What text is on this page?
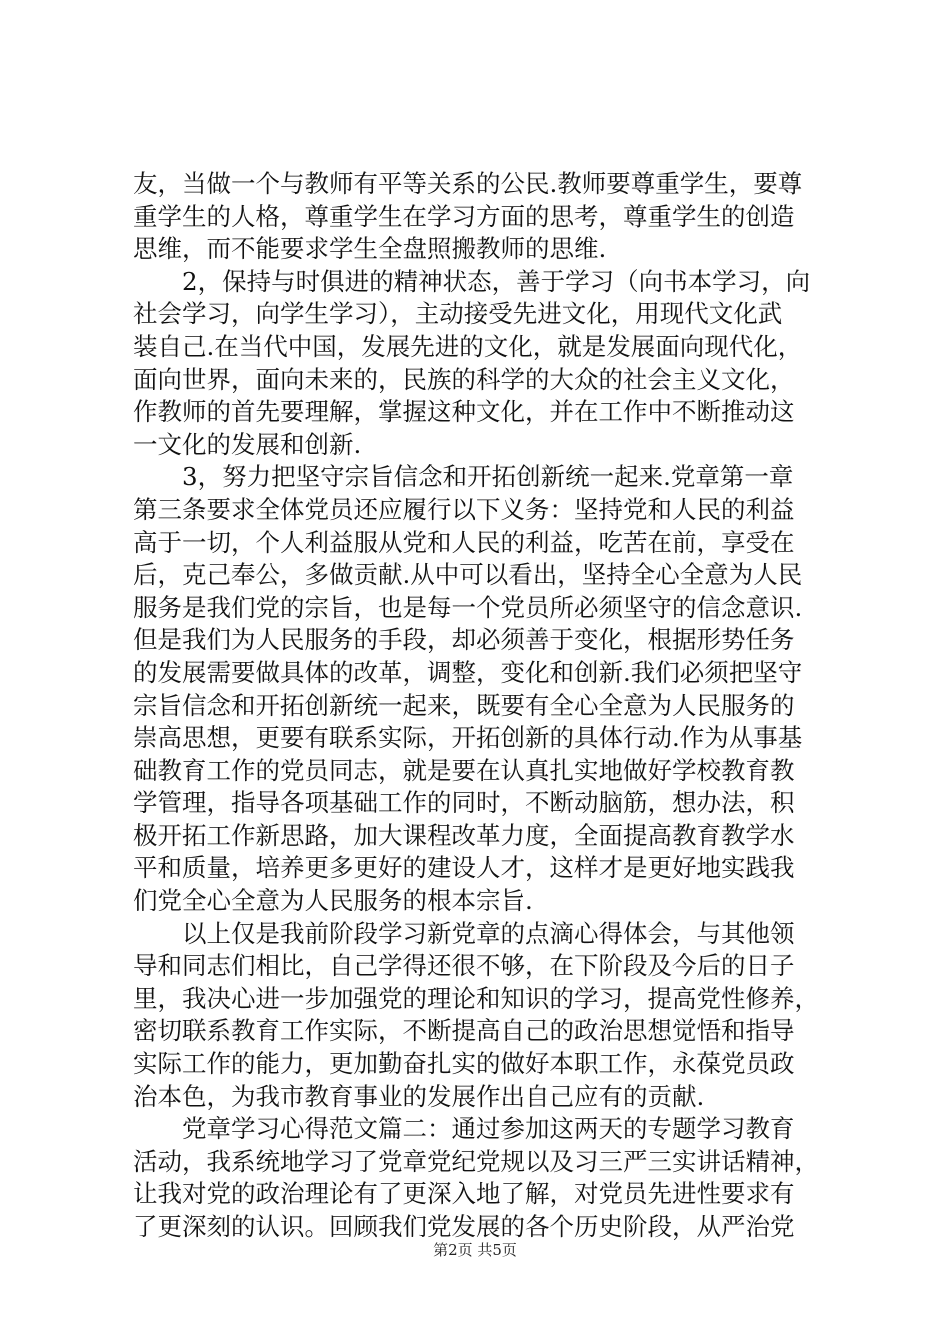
友，当做一个与教师有平等关系的公民.教师要尊重学生，要尊
重学生的人格，尊重学生在学习方面的思考，尊重学生的创造
思维，而不能要求学生全盘照搬教师的思维.
　　2，保持与时俱进的精神状态，善于学习（向书本学习，向
社会学习，向学生学习），主动接受先进文化，用现代文化武
装自己.在当代中国，发展先进的文化，就是发展面向现代化，
面向世界，面向未来的，民族的科学的大众的社会主义文化，
作教师的首先要理解，掌握这种文化，并在工作中不断推动这
一文化的发展和创新.
　　3，努力把坚守宗旨信念和开拓创新统一起来.党章第一章
第三条要求全体党员还应履行以下义务：坚持党和人民的利益
高于一切，个人利益服从党和人民的利益，吃苦在前，享受在
后，克己奉公，多做贡献.从中可以看出，坚持全心全意为人民
服务是我们党的宗旨，也是每一个党员所必须坚守的信念意识.
但是我们为人民服务的手段，却必须善于变化，根据形势任务
的发展需要做具体的改革，调整，变化和创新.我们必须把坚守
宗旨信念和开拓创新统一起来，既要有全心全意为人民服务的
崇高思想，更要有联系实际，开拓创新的具体行动.作为从事基
础教育工作的党员同志，就是要在认真扎实地做好学校教育教
学管理，指导各项基础工作的同时，不断动脑筋，想办法，积
极开拓工作新思路，加大课程改革力度，全面提高教育教学水
平和质量，培养更多更好的建设人才，这样才是更好地实践我
们党全心全意为人民服务的根本宗旨.
　　以上仅是我前阶段学习新党章的点滴心得体会，与其他领
导和同志们相比，自己学得还很不够，在下阶段及今后的日子
里，我决心进一步加强党的理论和知识的学习，提高党性修养，
密切联系教育工作实际，不断提高自己的政治思想觉悟和指导
实际工作的能力，更加勤奋扎实的做好本职工作，永葆党员政
治本色，为我市教育事业的发展作出自己应有的贡献.
　　党章学习心得范文篇二：通过参加这两天的专题学习教育
活动，我系统地学习了党章党纪党规以及习三严三实讲话精神，
让我对党的政治理论有了更深入地了解，对党员先进性要求有
了更深刻的认识。回顾我们党发展的各个历史阶段，从严治党
第2页 共5页
